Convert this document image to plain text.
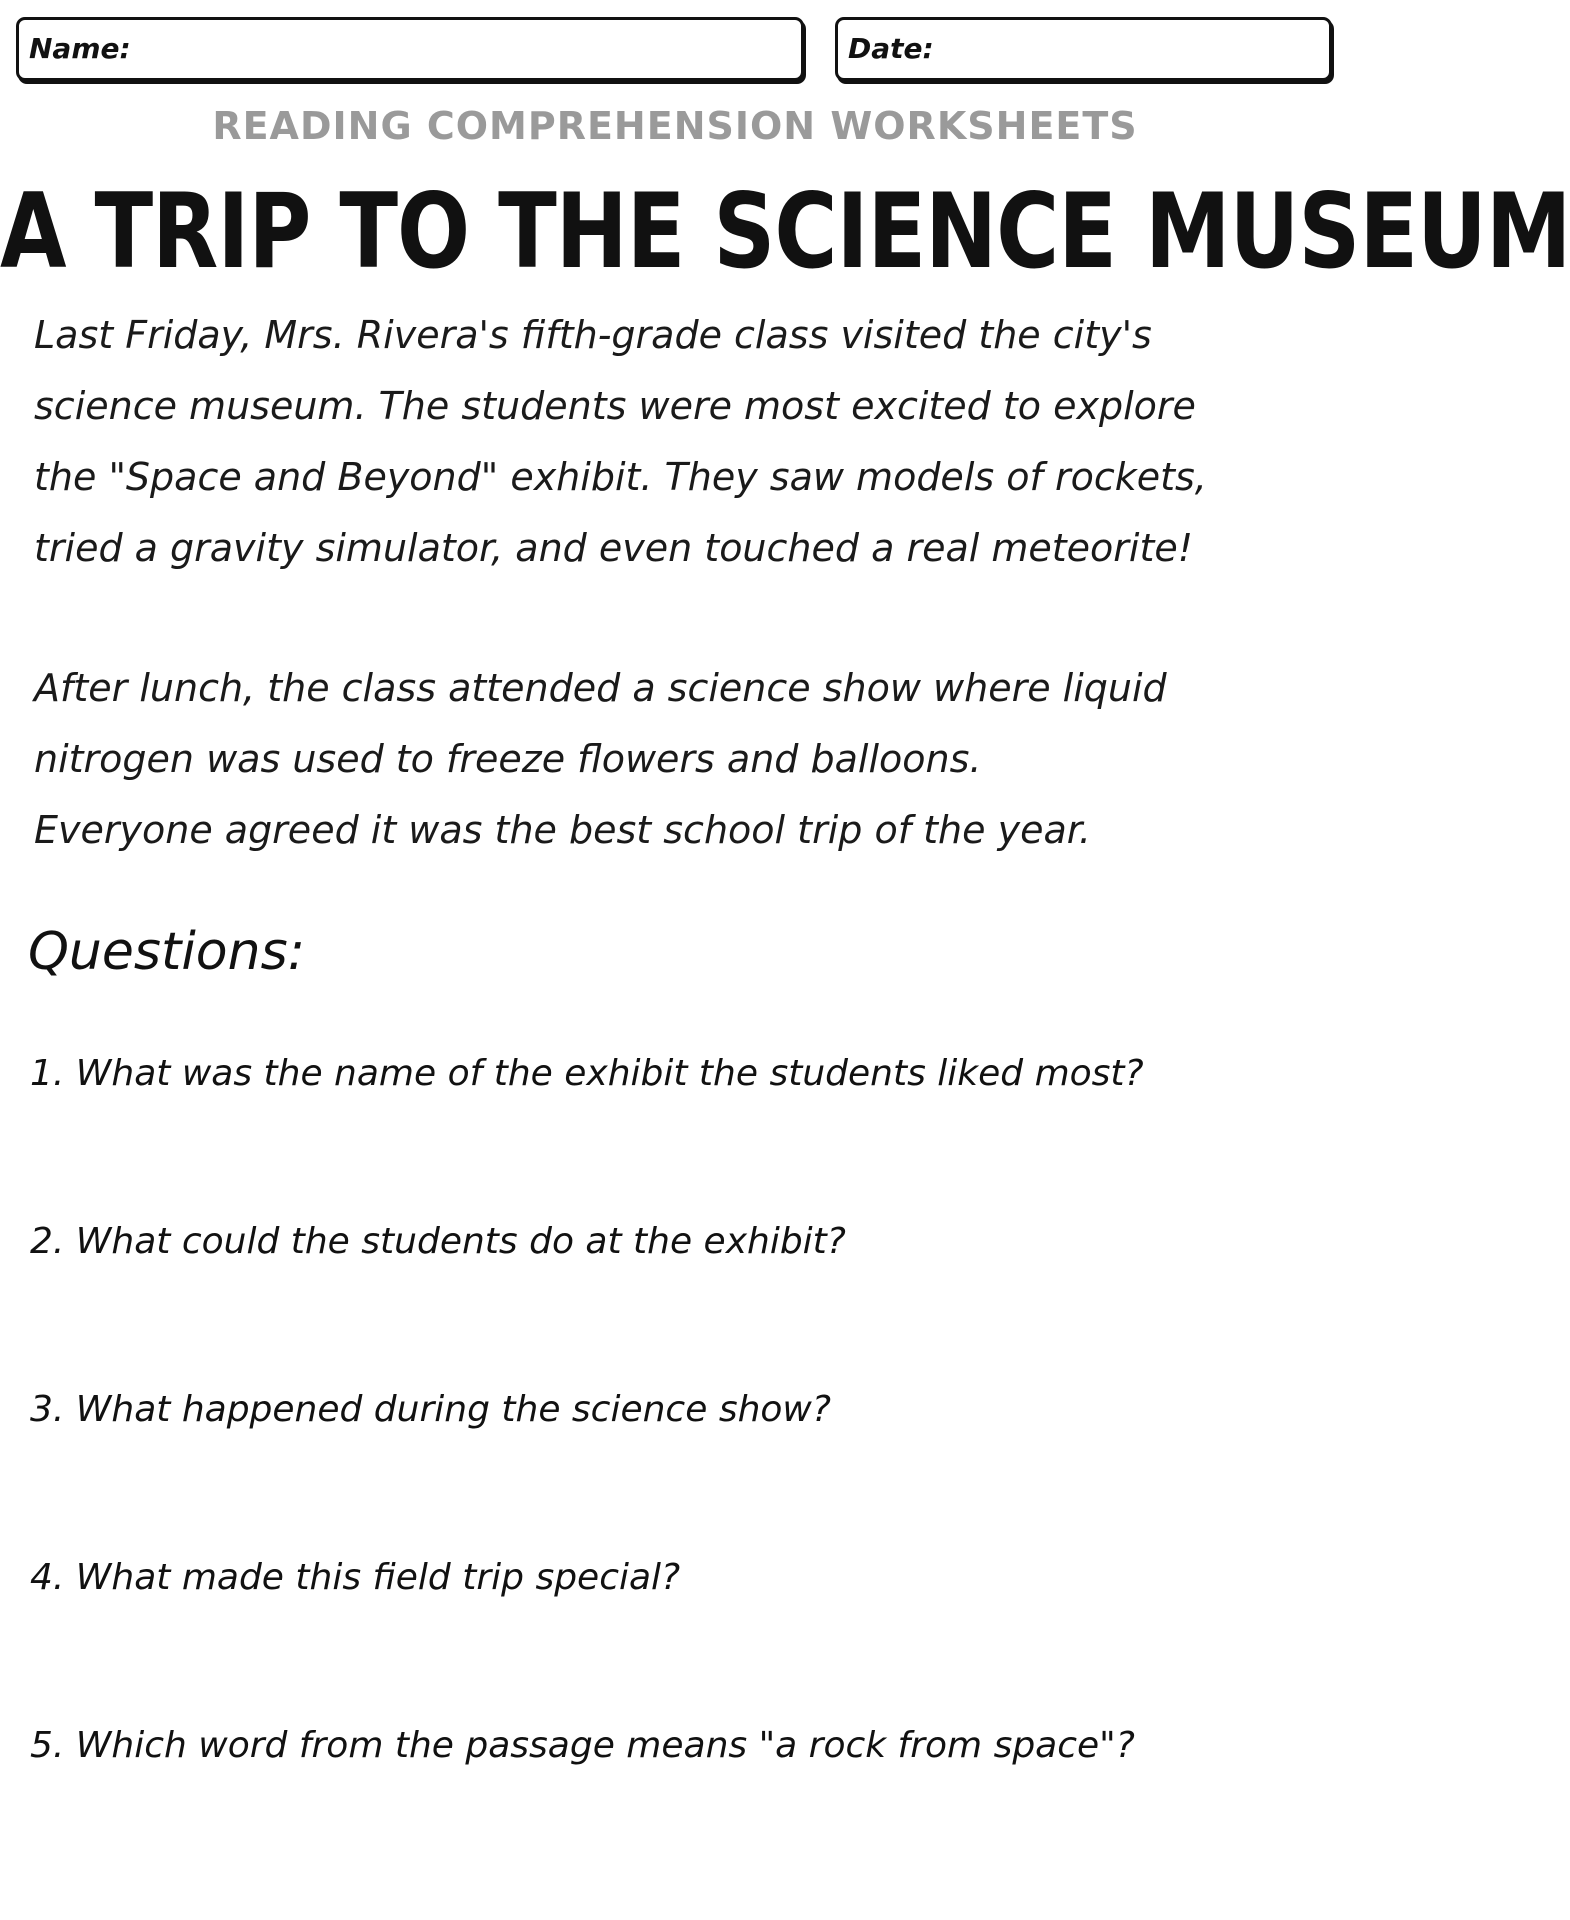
Name:	Date:
READING COMPREHENSION WORKSHEETS
A TRIP TO THE SCIENCE MUSEUM
Last Friday, Mrs. Rivera's fifth-grade class visited the city's
science museum. The students were most excited to explore
the "Space and Beyond" exhibit. They saw models of rockets,
tried a gravity simulator, and even touched a real meteorite!
After lunch, the class attended a science show where liquid
nitrogen was used to freeze flowers and balloons.
Everyone agreed it was the best school trip of the year.
Questions:
1. What was the name of the exhibit the students liked most?
2. What could the students do at the exhibit?
3. What happened during the science show?
4. What made this field trip special?
5. Which word from the passage means "a rock from space"?
